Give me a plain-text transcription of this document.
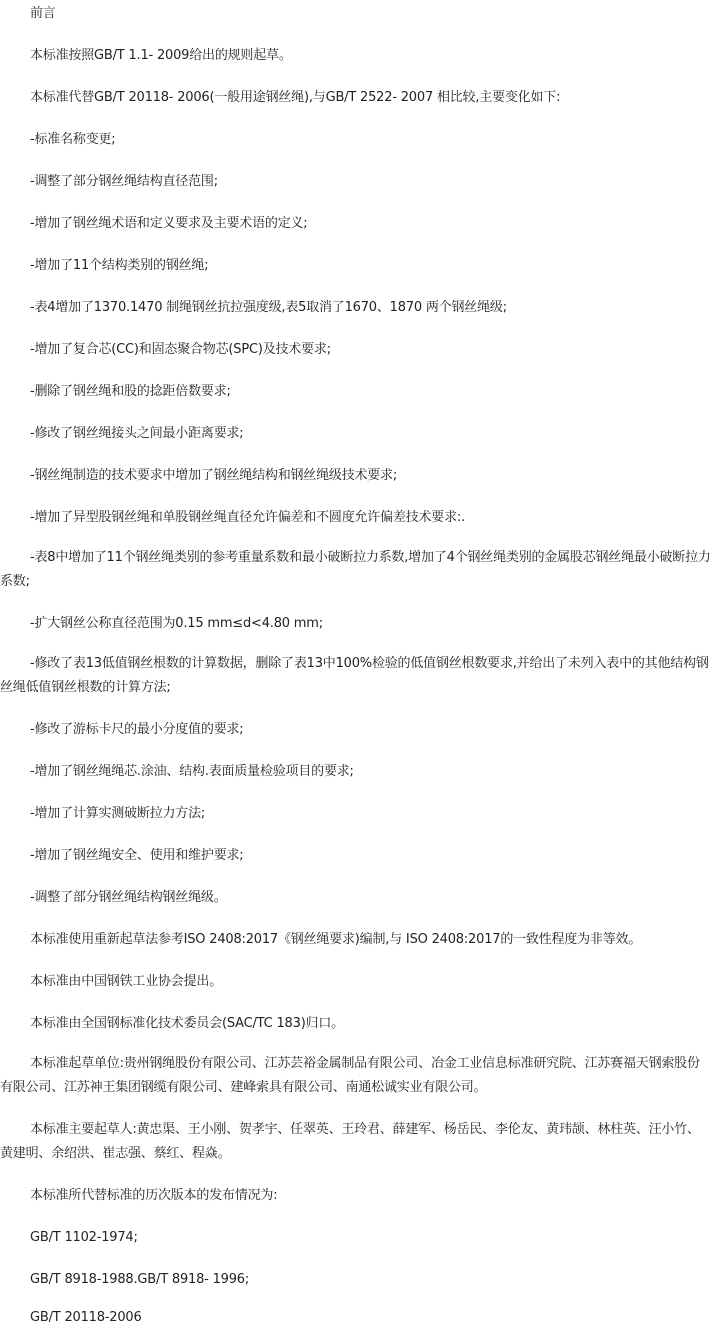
前言
本标准按照GB/T 1.1- 2009给出的规则起草。
本标准代替GB/T 20118- 2006(一般用途钢丝绳),与GB/T 2522- 2007 相比较,主要变化如下:
-标准名称变更;
-调整了部分钢丝绳结构直径范围;
-增加了钢丝绳术语和定义要求及主要术语的定义;
-增加了11个结构类别的钢丝绳;
-表4增加了1370.1470 制绳钢丝抗拉强度级,表5取消了1670、1870 两个钢丝绳级;
-增加了复合芯(CC)和固态聚合物芯(SPC)及技术要求;
-删除了钢丝绳和股的捻距倍数要求;
-修改了钢丝绳接头之间最小距离要求;
-钢丝绳制造的技术要求中增加了钢丝绳结构和钢丝绳级技术要求;
-增加了异型股钢丝绳和单股钢丝绳直径允许偏差和不圆度允许偏差技术要求:.
-表8中增加了11个钢丝绳类别的参考重量系数和最小破断拉力系数,增加了4个钢丝绳类别的金属股芯钢丝绳最小破断拉力系数;
-扩大钢丝公称直径范围为0.15 mm≤d<4.80 mm;
-修改了表13低值钢丝根数的计算数据，删除了表13中100%检验的低值钢丝根数要求,并给出了未列入表中的其他结构钢丝绳低值钢丝根数的计算方法;
-修改了游标卡尺的最小分度值的要求;
-增加了钢丝绳绳芯.涂油、结构.表面质量检验项目的要求;
-增加了计算实测破断拉力方法;
-增加了钢丝绳安全、使用和维护要求;
-调整了部分钢丝绳结构钢丝绳级。
本标准使用重新起草法参考ISO 2408:2017《钢丝绳要求)编制,与 ISO 2408:2017的一致性程度为非等效。
本标准由中国钢铁工业协会提出。
本标准由全国钢标准化技术委员会(SAC/TC 183)归口。
本标准起草单位:贵州钢绳股份有限公司、江苏芸裕金属制品有限公司、冶金工业信息标准研究院、江苏赛福天钢索股份有限公司、江苏神王集团钢缆有限公司、建峰索具有限公司、南通松诚实业有限公司。
本标准主要起草人:黄忠渠、王小刚、贺孝宇、任翠英、王玲君、薛建军、杨岳民、李伦友、黄玮颉、林柱英、汪小竹、黄建明、余绍洪、崔志强、蔡红、程焱。
本标准所代替标准的历次版本的发布情况为:
GB/T 1102-1974;
GB/T 8918-1988.GB/T 8918- 1996;
GB/T 20118-2006
